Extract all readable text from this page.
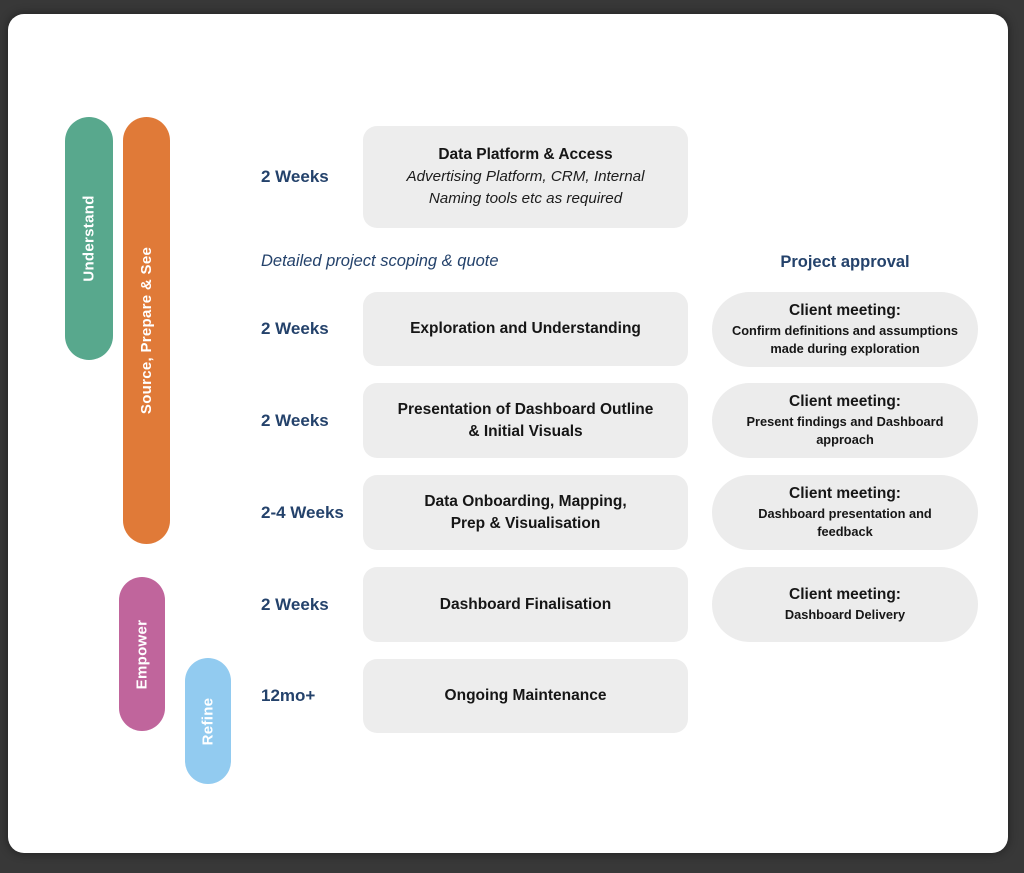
Understand
Source, Prepare & See
Empower
Refine
2 Weeks
2 Weeks
2 Weeks
2-4 Weeks
2 Weeks
12mo+
Data Platform & Access
Advertising Platform, CRM, Internal
Naming tools etc as required
Exploration and Understanding
Presentation of Dashboard Outline
& Initial Visuals
Data Onboarding, Mapping,
Prep & Visualisation
Dashboard Finalisation
Ongoing Maintenance
Detailed project scoping & quote	Project approval
Client meeting:
Confirm definitions and assumptions
made during exploration
Client meeting:
Present findings and Dashboard
approach
Client meeting:
Dashboard presentation and
feedback
Client meeting:
Dashboard Delivery
